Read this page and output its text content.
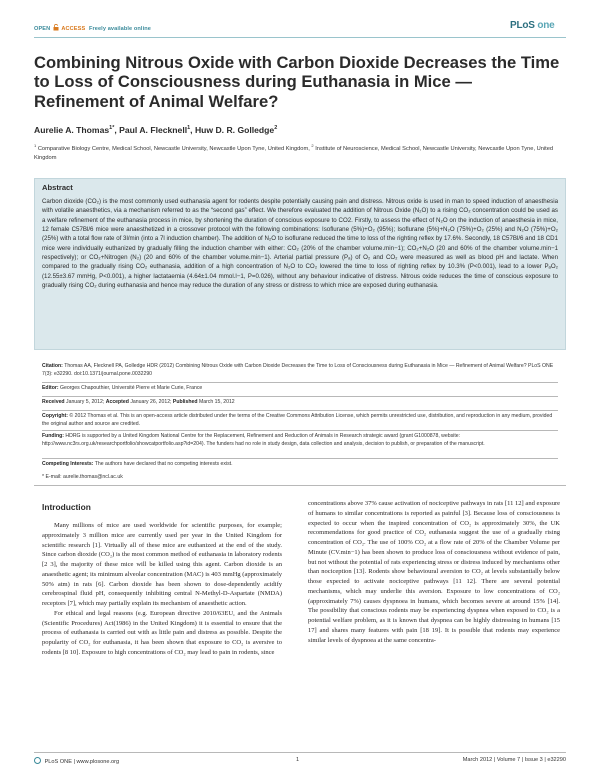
OPEN ACCESS Freely available online	PLoS one
Combining Nitrous Oxide with Carbon Dioxide Decreases the Time to Loss of Consciousness during Euthanasia in Mice — Refinement of Animal Welfare?
Aurelie A. Thomas$^{1*}$, Paul A. Flecknell$^1$, Huw D. R. Golledge$^2$
$^1$ Comparative Biology Centre, Medical School, Newcastle University, Newcastle Upon Tyne, United Kingdom, $^2$ Institute of Neuroscience, Medical School, Newcastle University, Newcastle Upon Tyne, United Kingdom
Abstract

Carbon dioxide (CO₂) is the most commonly used euthanasia agent for rodents despite potentially causing pain and distress. Nitrous oxide is used in man to speed induction of anaesthesia with volatile anaesthetics, via a mechanism referred to as the “second gas” effect. We therefore evaluated the addition of Nitrous Oxide (N₂O) to a rising CO₂ concentration could be used as a welfare refinement of the euthanasia process in mice, by shortening the duration of conscious exposure to CO2. Firstly, to assess the effect of N₂O on the induction of anaesthesia in mice, 12 female C57Bl/6 mice were anaesthetized in a crossover protocol with the following combinations: Isoflurane (5%)+O₂ (95%); Isoflurane (5%)+N₂O (75%)+O₂ (25%) and N₂O (75%)+O₂ (25%) with a total flow rate of 3l/min (into a 7l induction chamber). The addition of N₂O to isoflurane reduced the time to loss of the righting reflex by 17.6%. Secondly, 18 C57Bl/6 and 18 CD1 mice were individually euthanized by gradually filling the induction chamber with either: CO₂ (20% of the chamber volume.min−1); CO₂+N₂O (20 and 60% of the chamber volume.min−1 respectively); or CO₂+Nitrogen (N₂) (20 and 60% of the chamber volume.min−1). Arterial partial pressure (Pₐ) of O₂ and CO₂ were measured as well as blood pH and lactate. When compared to the gradually rising CO₂ euthanasia, addition of a high concentration of N₂O to CO₂ lowered the time to loss of righting reflex by 10.3% (P<0.001), lead to a lower PₐO₂ (12.55±3.67 mmHg, P<0.001), a higher lactataemia (4.64±1.04 mmol.l−1, P=0.026), without any behaviour indicative of distress. Nitrous oxide reduces the time of conscious exposure to gradually rising CO₂ during euthanasia and hence may reduce the duration of any stress or distress to which mice are exposed during euthanasia.

Citation: Thomas AA, Flecknell PA, Golledge HDR (2012) Combining Nitrous Oxide with Carbon Dioxide Decreases the Time to Loss of Consciousness during Euthanasia in Mice — Refinement of Animal Welfare? PLoS ONE 7(3): e32290. doi:10.1371/journal.pone.0032290
Editor: Georges Chapouthier, Université Pierre et Marie Curie, France
Received January 5, 2012; Accepted January 26, 2012; Published March 15, 2012
Copyright: © 2012 Thomas et al. This is an open-access article distributed under the terms of the Creative Commons Attribution License, which permits unrestricted use, distribution, and reproduction in any medium, provided the original author and source are credited.
Funding: HDRG is supported by a United Kingdom National Centre for the Replacement, Refinement and Reduction of Animals in Research strategic award (grant G1000878, website: http://www.nc3rs.org.uk/researchportfolio/showcatportfolio.asp?id=204). The funders had no role in study design, data collection and analysis, decision to publish, or preparation of the manuscript.
Competing Interests: The authors have declared that no competing interests exist.
* E-mail: aurelie.thomas@ncl.ac.uk
Introduction

Many millions of mice are used worldwide for scientific purposes, for example; approximately 3 million mice are currently used per year in the United Kingdom for scientific research [1]. Virtually all of these mice are euthanized at the end of the study. Since carbon dioxide (CO₂) is the most common method of euthanasia in laboratory rodents [2 3], the majority of these mice will be killed using this agent. Carbon dioxide is an anaesthetic agent; its minimum alveolar concentration (MAC) is 403 mmHg (approximately 50% atm) in rats [6]. Carbon dioxide has been shown to dose-dependently acidify cerebrospinal fluid pH, consequently inhibiting central N-Methyl-D-Aspartate (NMDA) receptors [7], which may partially explain its mechanism of anaesthetic action.

For ethical and legal reasons (e.g. European directive 2010/63EU, and the Animals (Scientific Procedures) Act(1986) in the United Kingdom) it is essential to ensure that the process of euthanasia is carried out with as little pain and distress as possible. Despite the popularity of CO₂ for euthanasia, it has been shown that exposure to CO₂ is aversive to rodents [8 10]. Exposure to high concentrations of CO₂ may lead to pain in rodents, since

concentrations above 37% cause activation of nociceptive pathways in rats [11 12] and exposure of humans to similar concentrations is reported as painful [3]. Because loss of consciousness is expected to occur when the inspired concentration of CO₂ is approximately 30%, the UK recommendations for good practice of CO₂ euthanasia suggest the use of a gradually rising concentration of CO₂. The use of 100% CO₂ at a flow rate of 20% of the Chamber Volume per Minute (CV.min−1) has been shown to produce loss of consciousness without evidence of pain, but not without the potential of rats experiencing stress or distress induced by mechanisms other than nociception [13]. Rodents show behavioural aversion to CO₂ at levels substantially below those expected to activate nociceptive pathways [11 12]. There are several potential mechanisms, which may underlie this aversion. Exposure to low concentrations of CO₂ (approximately 7%) causes dyspnoea in humans, which becomes severe at around 15% [14]. The possibility that conscious rodents may be experiencing dyspnea when exposed to CO₂ is a potential welfare problem, as it is known that dyspnea can be highly distressing in humans [15 17] and shares many features with pain [18 19]. It is possible that rodents may experience similar levels of dyspnoea at the same concentra-

PLoS ONE | www.plosone.org	1	March 2012 | Volume 7 | Issue 3 | e32290
